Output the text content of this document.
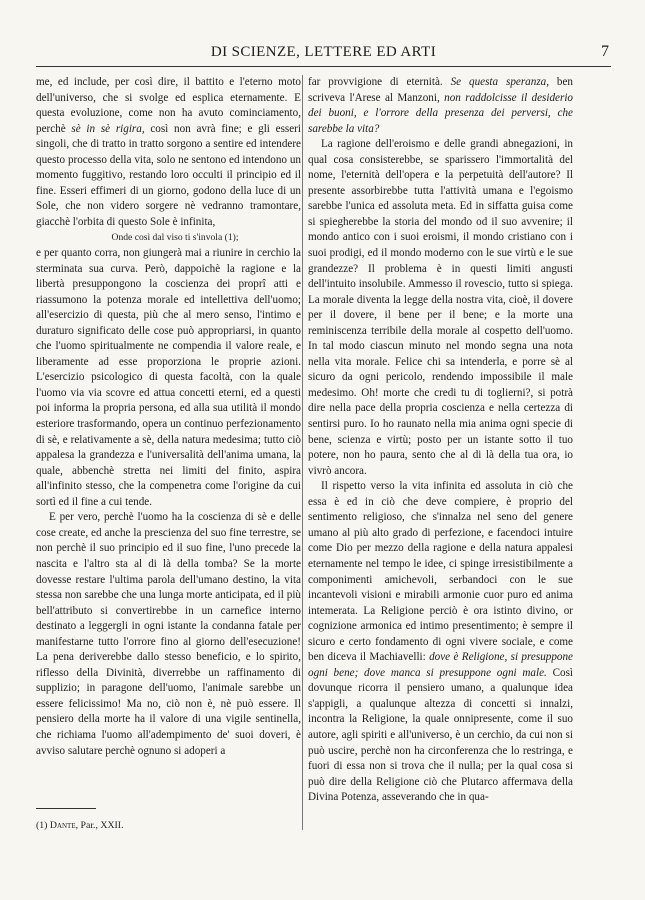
DI SCIENZE, LETTERE ED ARTI	7

me, ed include, per così dire, il battito e l'eterno moto dell'universo, che si svolge ed esplica eternamente. E questa evoluzione, come non ha avuto cominciamento, perchè sè in sè rigira, così non avrà fine; e gli esseri singoli, che di tratto in tratto sorgono a sentire ed intendere questo processo della vita, solo ne sentono ed intendono un momento fuggitivo, restando loro occulti il principio ed il fine. Esseri effimeri di un giorno, godono della luce di un Sole, che non videro sorgere nè vedranno tramontare, giacchè l'orbita di questo Sole è infinita,

Onde così dal viso ti s'invola (1);

e per quanto corra, non giungerà mai a riunire in cerchio la sterminata sua curva. Però, dappoichè la ragione e la libertà presuppongono la coscienza dei proprî atti e riassumono la potenza morale ed intellettiva dell'uomo; all'esercizio di questa, più che al mero senso, l'intimo e duraturo significato delle cose può appropriarsi, in quanto che l'uomo spiritualmente ne compendia il valore reale, e liberamente ad esse proporziona le proprie azioni. L'esercizio psicologico di questa facoltà, con la quale l'uomo via via scovre ed attua concetti eterni, ed a questi poi informa la propria persona, ed alla sua utilità il mondo esteriore trasformando, opera un continuo perfezionamento di sè, e relativamente a sè, della natura medesima; tutto ciò appalesa la grandezza e l'universalità dell'anima umana, la quale, abbenchè stretta nei limiti del finito, aspira all'infinito stesso, che la compenetra come l'origine da cui sortì ed il fine a cui tende.

E per vero, perchè l'uomo ha la coscienza di sè e delle cose create, ed anche la prescienza del suo fine terrestre, se non perchè il suo principio ed il suo fine, l'uno precede la nascita e l'altro sta al di là della tomba? Se la morte dovesse restare l'ultima parola dell'umano destino, la vita stessa non sarebbe che una lunga morte anticipata, ed il più bell'attributo si convertirebbe in un carnefice interno destinato a leggergli in ogni istante la condanna fatale per manifestarne tutto l'orrore fino al giorno dell'esecuzione! La pena deriverebbe dallo stesso beneficio, e lo spirito, riflesso della Divinità, diverrebbe un raffinamento di supplizio; in paragone dell'uomo, l'animale sarebbe un essere felicissimo! Ma no, ciò non è, nè può essere. Il pensiero della morte ha il valore di una vigile sentinella, che richiama l'uomo all'adempimento de' suoi doveri, è avviso salutare perchè ognuno si adoperi a

far provvigione di eternità. Se questa speranza, ben scriveva l'Arese al Manzoni, non raddolcisse il desiderio dei buoni, e l'orrore della presenza dei perversi, che sarebbe la vita?

La ragione dell'eroismo e delle grandi abnegazioni, in qual cosa consisterebbe, se sparissero l'immortalità del nome, l'eternità dell'opera e la perpetuità dell'autore? Il presente assorbirebbe tutta l'attività umana e l'egoismo sarebbe l'unica ed assoluta meta. Ed in siffatta guisa come si spiegherebbe la storia del mondo od il suo avvenire; il mondo antico con i suoi eroismi, il mondo cristiano con i suoi prodigi, ed il mondo moderno con le sue virtù e le sue grandezze? Il problema è in questi limiti angusti dell'intuito insolubile. Ammesso il rovescio, tutto si spiega. La morale diventa la legge della nostra vita, cioè, il dovere per il dovere, il bene per il bene; e la morte una reminiscenza terribile della morale al cospetto dell'uomo. In tal modo ciascun minuto nel mondo segna una nota nella vita morale. Felice chi sa intenderla, e porre sè al sicuro da ogni pericolo, rendendo impossibile il male medesimo. Oh! morte che credi tu di toglierni?, si potrà dire nella pace della propria coscienza e nella certezza di sentirsi puro. Io ho raunato nella mia anima ogni specie di bene, scienza e virtù; posto per un istante sotto il tuo potere, non ho paura, sento che al di là della tua ora, io vivrò ancora.

Il rispetto verso la vita infinita ed assoluta in ciò che essa è ed in ciò che deve compiere, è proprio del sentimento religioso, che s'innalza nel seno del genere umano al più alto grado di perfezione, e facendoci intuire come Dio per mezzo della ragione e della natura appalesi eternamente nel tempo le idee, ci spinge irresistibilmente a componimenti amichevoli, serbandoci con le sue incantevoli visioni e mirabili armonie cuor puro ed anima intemerata. La Religione perciò è ora istinto divino, or cognizione armonica ed intimo presentimento; è sempre il sicuro e certo fondamento di ogni vivere sociale, e come ben diceva il Machiavelli: dove è Religione, si presuppone ogni bene; dove manca si presuppone ogni male. Così dovunque ricorra il pensiero umano, a qualunque idea s'appigli, a qualunque altezza di concetti si innalzi, incontra la Religione, la quale onnipresente, come il suo autore, agli spiriti e all'universo, è un cerchio, da cui non si può uscire, perchè non ha circonferenza che lo restringa, e fuori di essa non si trova che il nulla; per la qual cosa si può dire della Religione ciò che Plutarco affermava della Divina Potenza, asseverando che in qua-

(1) Dante, Par., XXII.
